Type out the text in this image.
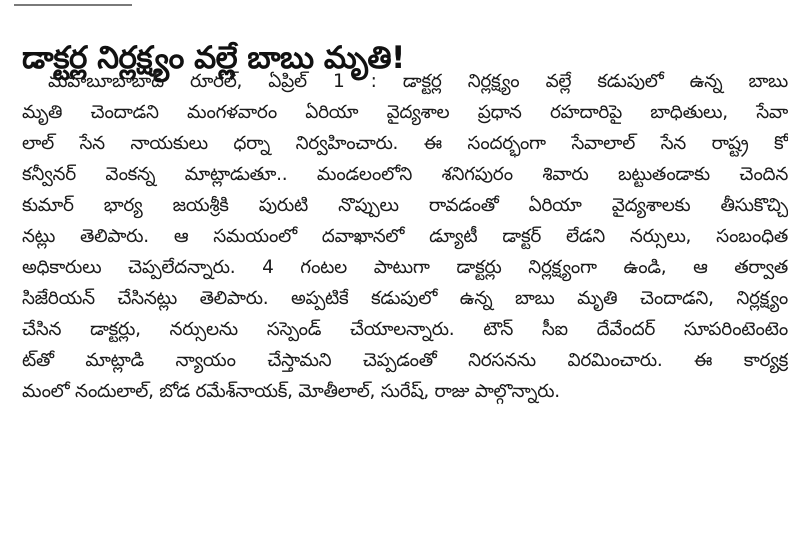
డాక్టర్ల నిర్లక్ష్యం వల్లే బాబు మృతి!
మహబూబాబాద్ రూరల్, ఏప్రిల్ 1 : డాక్టర్ల నిర్లక్ష్యం వల్లే కడుపులో ఉన్న బాబు
మృతి చెందాడని మంగళవారం ఏరియా వైద్యశాల ప్రధాన రహదారిపై బాధితులు, సేవా
లాల్ సేన నాయకులు ధర్నా నిర్వహించారు. ఈ సందర్భంగా సేవాలాల్ సేన రాష్ట్ర కో
కన్వీనర్ వెంకన్న మాట్లాడుతూ.. మండలంలోని శనిగపురం శివారు బట్టుతండాకు చెందిన
కుమార్ భార్య జయశ్రీకి పురుటి నొప్పులు రావడంతో ఏరియా వైద్యశాలకు తీసుకొచ్చి
నట్లు తెలిపారు. ఆ సమయంలో దవాఖానలో డ్యూటీ డాక్టర్ లేడని నర్సులు, సంబంధిత
అధికారులు చెప్పలేదన్నారు. 4 గంటల పాటుగా డాక్టర్లు నిర్లక్ష్యంగా ఉండి, ఆ తర్వాత
సిజేరియన్ చేసినట్లు తెలిపారు. అప్పటికే కడుపులో ఉన్న బాబు మృతి చెందాడని, నిర్లక్ష్యం
చేసిన డాక్టర్లు, నర్సులను సస్పెండ్ చేయాలన్నారు. టౌన్ సీఐ దేవేందర్ సూపరింటెంటెం
ట్‌తో మాట్లాడి న్యాయం చేస్తామని చెప్పడంతో నిరసనను విరమించారు. ఈ కార్యక్ర
మంలో నందులాల్, బోడ రమేశ్‌నాయక్, మోతీలాల్, సురేష్, రాజు పాల్గొన్నారు.
